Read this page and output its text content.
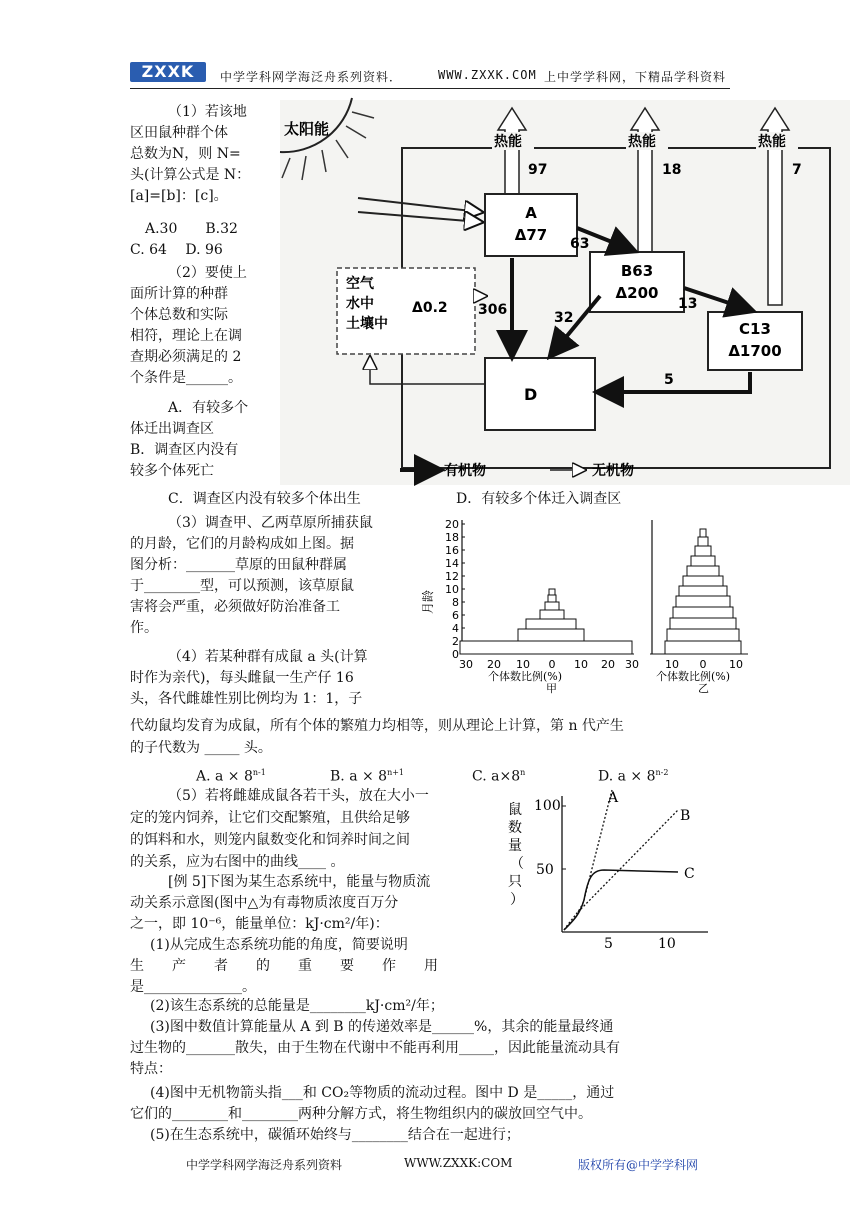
ZXXK	中学学科网学海泛舟系列资料．	WWW.ZXXK.COM 上中学学科网，下精品学科资料
（1）若该地
区田鼠种群个体
总数为N，则 N=
头(计算公式是 N：
[a]=[b]：[c]。
A.30　　B.32
C. 64　 D. 96
（2）要使上
面所计算的种群
个体总数和实际
相符，理论上在调
查期必须满足的 2
个条件是______。
A．有较多个
体迁出调查区
B．调查区内没有
较多个体死亡
C．调查区内没有较多个体出生	D．有较多个体迁入调查区
太阳能
热能	热能	热能
97	18	7
A
Δ77
B63
Δ200
C13
Δ1700
D
空气
水中
土壤中
Δ0.2
63
13
306	32
5
有机物	无机物
（3）调查甲、乙两草原所捕获鼠
的月龄，它们的月龄构成如上图。据
图分析：_______草原的田鼠种群属
于________型，可以预测，该草原鼠
害将会严重，必须做好防治准备工
作。
月龄
20
18
16
14
12
10
8
6
4
2
0
30 20 10 0 10 20 30
个体数比例(%)
甲
10 0 10
个体数比例(%)
乙
（4）若某种群有成鼠 a 头(计算
时作为亲代)，每头雌鼠一生产仔 16
头，各代雌雄性别比例均为 1：1，子
代幼鼠均发育为成鼠，所有个体的繁殖力均相等，则从理论上计算，第 n 代产生
的子代数为 _____ 头。
A. $a \times 8^{n-1}$	B. $a \times 8^{n+1}$	C. $a\times 8^n$	D. $a \times 8^{n-2}$
（5）若将雌雄成鼠各若干头，放在大小一
定的笼内饲养，让它们交配繁殖，且供给足够
的饵料和水，则笼内鼠数变化和饲养时间之间
的关系，应为右图中的曲线____ 。
鼠
数
量
（
只
）
100
50
5	10
A
B
C
[例 5]下图为某生态系统中，能量与物质流
动关系示意图(图中△为有毒物质浓度百万分
之一，即 10⁻⁶，能量单位：kJ·cm²/年)：
(1)从完成生态系统功能的角度，简要说明
生　　产　　者　　的　　重　　要　　作　　用
是______________。
(2)该生态系统的总能量是________kJ·cm²/年；
(3)图中数值计算能量从 A 到 B 的传递效率是______%，其余的能量最终通
过生物的_______散失，由于生物在代谢中不能再利用_____，因此能量流动具有
特点：
(4)图中无机物箭头指___和 CO₂等物质的流动过程。图中 D 是_____，通过
它们的________和________两种分解方式，将生物组织内的碳放回空气中。
(5)在生态系统中，碳循环始终与________结合在一起进行；
中学学科网学海泛舟系列资料	WWW.ZXXK:COM	版权所有@中学学科网
